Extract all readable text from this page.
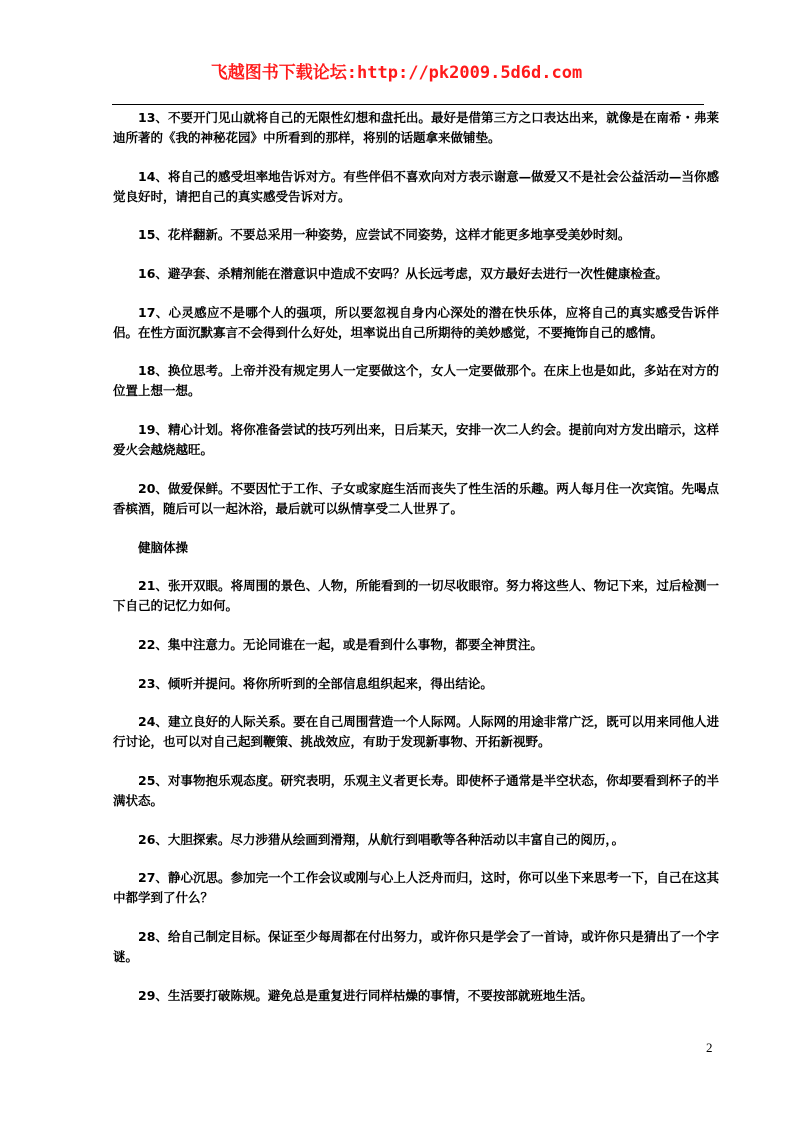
飞越图书下载论坛:http://pk2009.5d6d.com

13、不要开门见山就将自己的无限性幻想和盘托出。最好是借第三方之口表达出来，就像是在南希・弗莱迪所著的《我的神秘花园》中所看到的那样，将别的话题拿来做铺垫。

14、将自己的感受坦率地告诉对方。有些伴侣不喜欢向对方表示谢意—做爱又不是社会公益活动—当你感觉良好时，请把自己的真实感受告诉对方。

15、花样翻新。不要总采用一种姿势，应尝试不同姿势，这样才能更多地享受美妙时刻。

16、避孕套、杀精剂能在潜意识中造成不安吗？从长远考虑，双方最好去进行一次性健康检查。

17、心灵感应不是哪个人的强项，所以要忽视自身内心深处的潜在快乐体，应将自己的真实感受告诉伴侣。在性方面沉默寡言不会得到什么好处，坦率说出自己所期待的美妙感觉，不要掩饰自己的感情。

18、换位思考。上帝并没有规定男人一定要做这个，女人一定要做那个。在床上也是如此，多站在对方的位置上想一想。

19、精心计划。将你准备尝试的技巧列出来，日后某天，安排一次二人约会。提前向对方发出暗示，这样爱火会越烧越旺。

20、做爱保鲜。不要因忙于工作、子女或家庭生活而丧失了性生活的乐趣。两人每月住一次宾馆。先喝点香槟酒，随后可以一起沐浴，最后就可以纵情享受二人世界了。

健脑体操

21、张开双眼。将周围的景色、人物，所能看到的一切尽收眼帘。努力将这些人、物记下来，过后检测一下自己的记忆力如何。

22、集中注意力。无论同谁在一起，或是看到什么事物，都要全神贯注。

23、倾听并提问。将你所听到的全部信息组织起来，得出结论。

24、建立良好的人际关系。要在自己周围营造一个人际网。人际网的用途非常广泛，既可以用来同他人进行讨论，也可以对自己起到鞭策、挑战效应，有助于发现新事物、开拓新视野。

25、对事物抱乐观态度。研究表明，乐观主义者更长寿。即使杯子通常是半空状态，你却要看到杯子的半满状态。

26、大胆探索。尽力涉猎从绘画到滑翔，从航行到唱歌等各种活动以丰富自己的阅历，。

27、静心沉思。参加完一个工作会议或刚与心上人泛舟而归，这时，你可以坐下来思考一下，自己在这其中都学到了什么？

28、给自己制定目标。保证至少每周都在付出努力，或许你只是学会了一首诗，或许你只是猜出了一个字谜。

29、生活要打破陈规。避免总是重复进行同样枯燥的事情，不要按部就班地生活。

2
